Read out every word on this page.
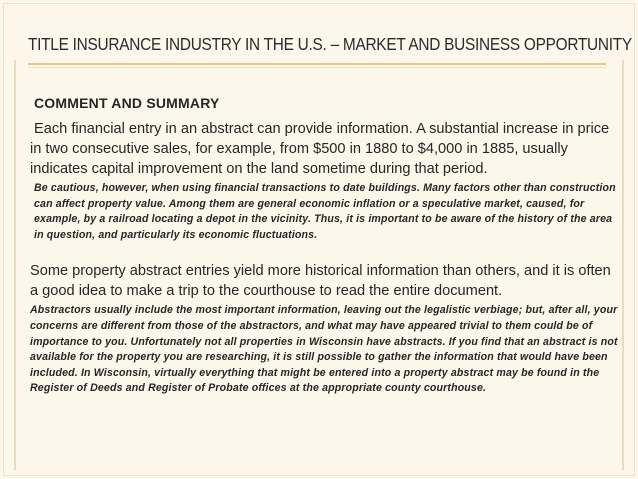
TITLE INSURANCE INDUSTRY IN THE U.S. – MARKET AND BUSINESS OPPORTUNITY
COMMENT AND SUMMARY

Each financial entry in an abstract can provide information. A substantial increase in price in two consecutive sales, for example, from $500 in 1880 to $4,000 in 1885, usually indicates capital improvement on the land sometime during that period.

Be cautious, however, when using financial transactions to date buildings. Many factors other than construction can affect property value. Among them are general economic inflation or a speculative market, caused, for example, by a railroad locating a depot in the vicinity. Thus, it is important to be aware of the history of the area in question, and particularly its economic fluctuations.

Some property abstract entries yield more historical information than others, and it is often a good idea to make a trip to the courthouse to read the entire document.

Abstractors usually include the most important information, leaving out the legalistic verbiage; but, after all, your concerns are different from those of the abstractors, and what may have appeared trivial to them could be of importance to you. Unfortunately not all properties in Wisconsin have abstracts. If you find that an abstract is not available for the property you are researching, it is still possible to gather the information that would have been included. In Wisconsin, virtually everything that might be entered into a property abstract may be found in the Register of Deeds and Register of Probate offices at the appropriate county courthouse.
